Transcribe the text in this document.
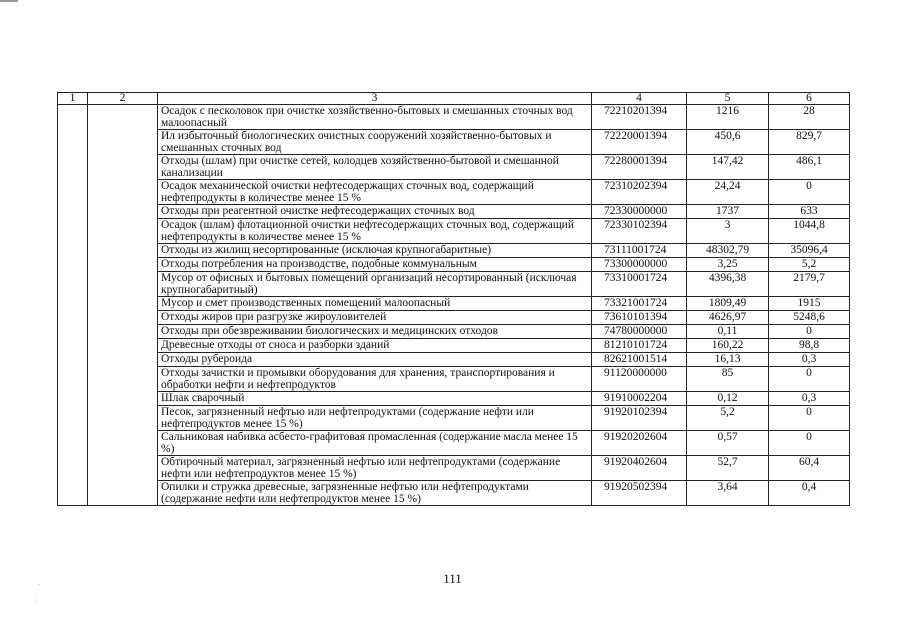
1	2	3	4	5	6
		Осадок с песколовок при очистке хозяйственно-бытовых и смешанных сточных вод малоопасный	72210201394	1216	28
		Ил избыточный биологических очистных сооружений хозяйственно-бытовых и смешанных сточных вод	72220001394	450,6	829,7
		Отходы (шлам) при очистке сетей, колодцев хозяйственно-бытовой и смешанной канализации	72280001394	147,42	486,1
		Осадок механической очистки нефтесодержащих сточных вод, содержащий нефтепродукты в количестве менее 15 %	72310202394	24,24	0
		Отходы при реагентной очистке нефтесодержащих сточных вод	72330000000	1737	633
		Осадок (шлам) флотационной очистки нефтесодержащих сточных вод, содержащий нефтепродукты в количестве менее 15 %	72330102394	3	1044,8
		Отходы из жилищ несортированные (исключая крупногабаритные)	73111001724	48302,79	35096,4
		Отходы потребления на производстве, подобные коммунальным	73300000000	3,25	5,2
		Мусор от офисных и бытовых помещений организаций несортированный (исключая крупногабаритный)	73310001724	4396,38	2179,7
		Мусор и смет производственных помещений малоопасный	73321001724	1809,49	1915
		Отходы жиров при разгрузке жироуловителей	73610101394	4626,97	5248,6
		Отходы при обезвреживании биологических и медицинских отходов	74780000000	0,11	0
		Древесные отходы от сноса и разборки зданий	81210101724	160,22	98,8
		Отходы рубероида	82621001514	16,13	0,3
		Отходы зачистки и промывки оборудования для хранения, транспортирования и обработки нефти и нефтепродуктов	91120000000	85	0
		Шлак сварочный	91910002204	0,12	0,3
		Песок, загрязненный нефтью или нефтепродуктами (содержание нефти или нефтепродуктов менее 15 %)	91920102394	5,2	0
		Сальниковая набивка асбесто-графитовая промасленная (содержание масла менее 15 %)	91920202604	0,57	0
		Обтирочный материал, загрязненный нефтью или нефтепродуктами (содержание нефти или нефтепродуктов менее 15 %)	91920402604	52,7	60,4
		Опилки и стружка древесные, загрязненные нефтью или нефтепродуктами (содержание нефти или нефтепродуктов менее 15 %)	91920502394	3,64	0,4
111
.
·
